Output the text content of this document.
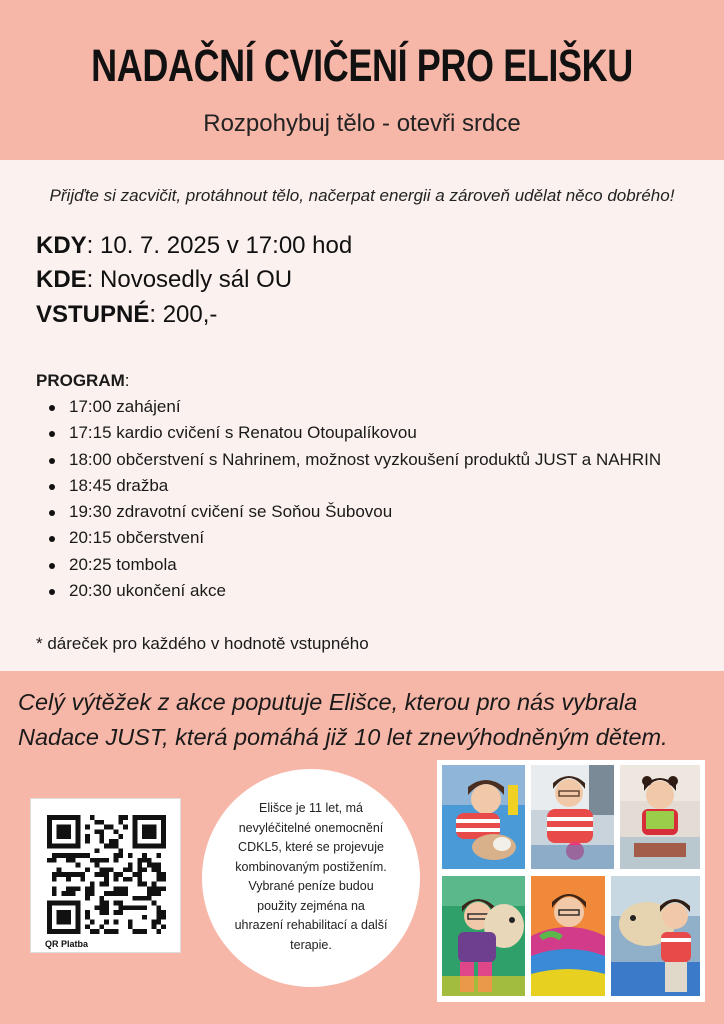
NADAČNÍ CVIČENÍ PRO ELIŠKU
Rozpohybuj tělo - otevři srdce

Přijďte si zacvičit, protáhnout tělo, načerpat energii a zároveň udělat něco dobrého!

KDY: 10. 7. 2025 v 17:00 hod
KDE: Novosedly sál OU
VSTUPNÉ: 200,-
PROGRAM:
17:00 zahájení
17:15 kardio cvičení s Renatou Otoupalíkovou
18:00 občerstvení s Nahrinem, možnost vyzkoušení produktů JUST a NAHRIN
18:45 dražba
19:30 zdravotní cvičení se Soňou Šubovou
20:15 občerstvení
20:25 tombola
20:30 ukončení akce

* dáreček pro každého v hodnotě vstupného

Celý výtěžek z akce poputuje Elišce, kterou pro nás vybrala
Nadace JUST, která pomáhá již 10 let znevýhodněným dětem.

QR Platba
Elišce je 11 let, má
nevyléčitelné onemocnění
CDKL5, které se projevuje
kombinovaným postižením.
Vybrané peníze budou
použity zejména na
uhrazení rehabilitací a další
terapie.
